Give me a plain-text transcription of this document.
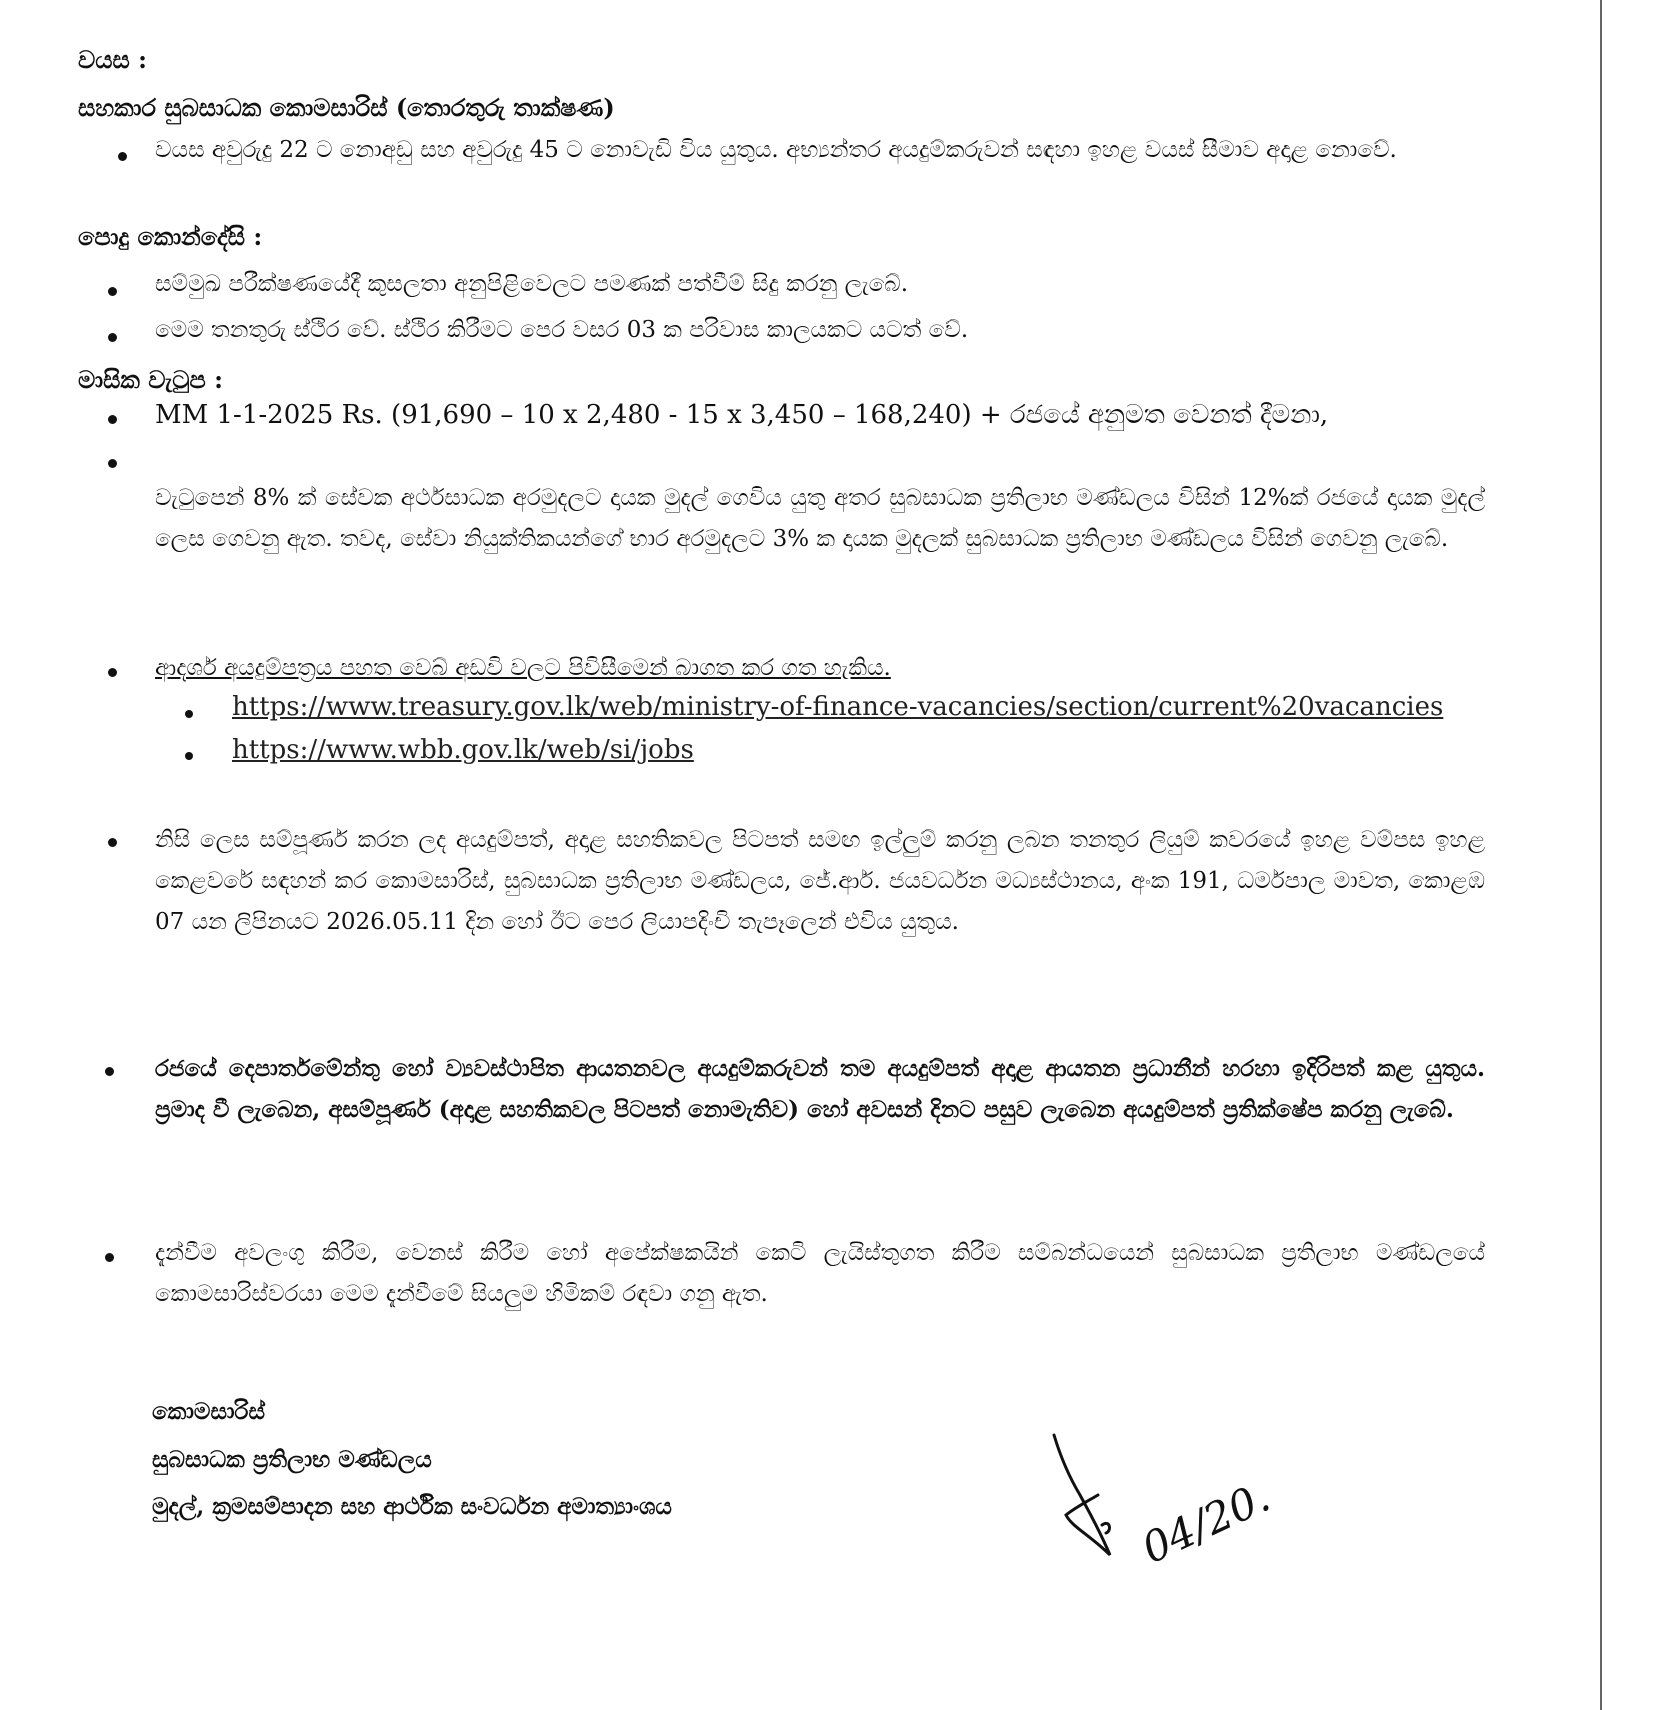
වයස :
සහකාර සුබසාධක කොමසාරිස් (තොරතුරු තාක්ෂණ)
වයස අවුරුදු 22 ට නොඅඩු සහ අවුරුදු 45 ට නොවැඩි විය යුතුය. අභ්‍යන්තර අයදුම්කරුවන් සඳහා ඉහළ වයස් සීමාව අදාළ නොවේ.
පොදු කොන්දේසි :
සම්මුඛ පරීක්ෂණයේදී කුසලතා අනුපිළිවෙලට පමණක් පත්වීම් සිදු කරනු ලැබේ.
මෙම තනතුරු ස්ථිර වේ. ස්ථිර කිරීමට පෙර වසර 03 ක පරිවාස කාලයකට යටත් වේ.
මාසික වැටුප :
MM 1-1-2025 Rs. (91,690 – 10 x 2,480 - 15 x 3,450 – 168,240) + රජයේ අනුමත වෙනත් දීමනා,
වැටුපෙන් 8% ක් සේවක අර්ථසාධක අරමුදලට දායක මුදල් ගෙවිය යුතු අතර සුබසාධක ප්‍රතිලාභ මණ්ඩලය විසින් 12%ක් රජයේ දායක මුදල් ලෙස ගෙවනු ඇත. තවද, සේවා නියුක්තිකයන්ගේ භාර අරමුදලට 3% ක දායක මුදලක් සුබසාධක ප්‍රතිලාභ මණ්ඩලය විසින් ගෙවනු ලැබේ.
ආදර්ශ අයදුම්පත්‍රය පහත වෙබ් අඩවි වලට පිවිසීමෙන් බාගත කර ගත හැකිය.
https://www.treasury.gov.lk/web/ministry-of-finance-vacancies/section/current%20vacancies
https://www.wbb.gov.lk/web/si/jobs
නිසි ලෙස සම්පූර්ණ කරන ලද අයදුම්පත්, අදාළ සහතිකවල පිටපත් සමඟ ඉල්ලුම් කරනු ලබන තනතුර ලියුම් කවරයේ ඉහළ වම්පස ඉහළ කෙළවරේ සඳහන් කර කොමසාරිස්, සුබසාධක ප්‍රතිලාභ මණ්ඩලය, ජේ.ආර්. ජයවර්ධන මධ්‍යස්ථානය, අංක 191, ධර්මපාල මාවත, කොළඹ 07 යන ලිපිනයට 2026.05.11 දින හෝ ඊට පෙර ලියාපදිංචි තැපෑලෙන් එවිය යුතුය.
රජයේ දෙපාර්තමේන්තු හෝ ව්‍යවස්ථාපිත ආයතනවල අයදුම්කරුවන් තම අයදුම්පත් අදාළ ආයතන ප්‍රධානීන් හරහා ඉදිරිපත් කළ යුතුය. ප්‍රමාද වී ලැබෙන, අසම්පූර්ණ (අදාළ සහතිකවල පිටපත් නොමැතිව) හෝ අවසන් දිනට පසුව ලැබෙන අයදුම්පත් ප්‍රතික්ෂේප කරනු ලැබේ.
දැන්වීම අවලංගු කිරීම, වෙනස් කිරීම හෝ අපේක්ෂකයින් කෙටි ලැයිස්තුගත කිරීම සම්බන්ධයෙන් සුබසාධක ප්‍රතිලාභ මණ්ඩලයේ කොමසාරිස්වරයා මෙම දැන්වීමේ සියලුම හිමිකම් රඳවා ගනු ඇත.
කොමසාරිස්
සුබසාධක ප්‍රතිලාභ මණ්ඩලය
මුදල්, ක්‍රමසම්පාදන සහ ආර්ථික සංවර්ධන අමාත්‍යාංශය	04/20.
